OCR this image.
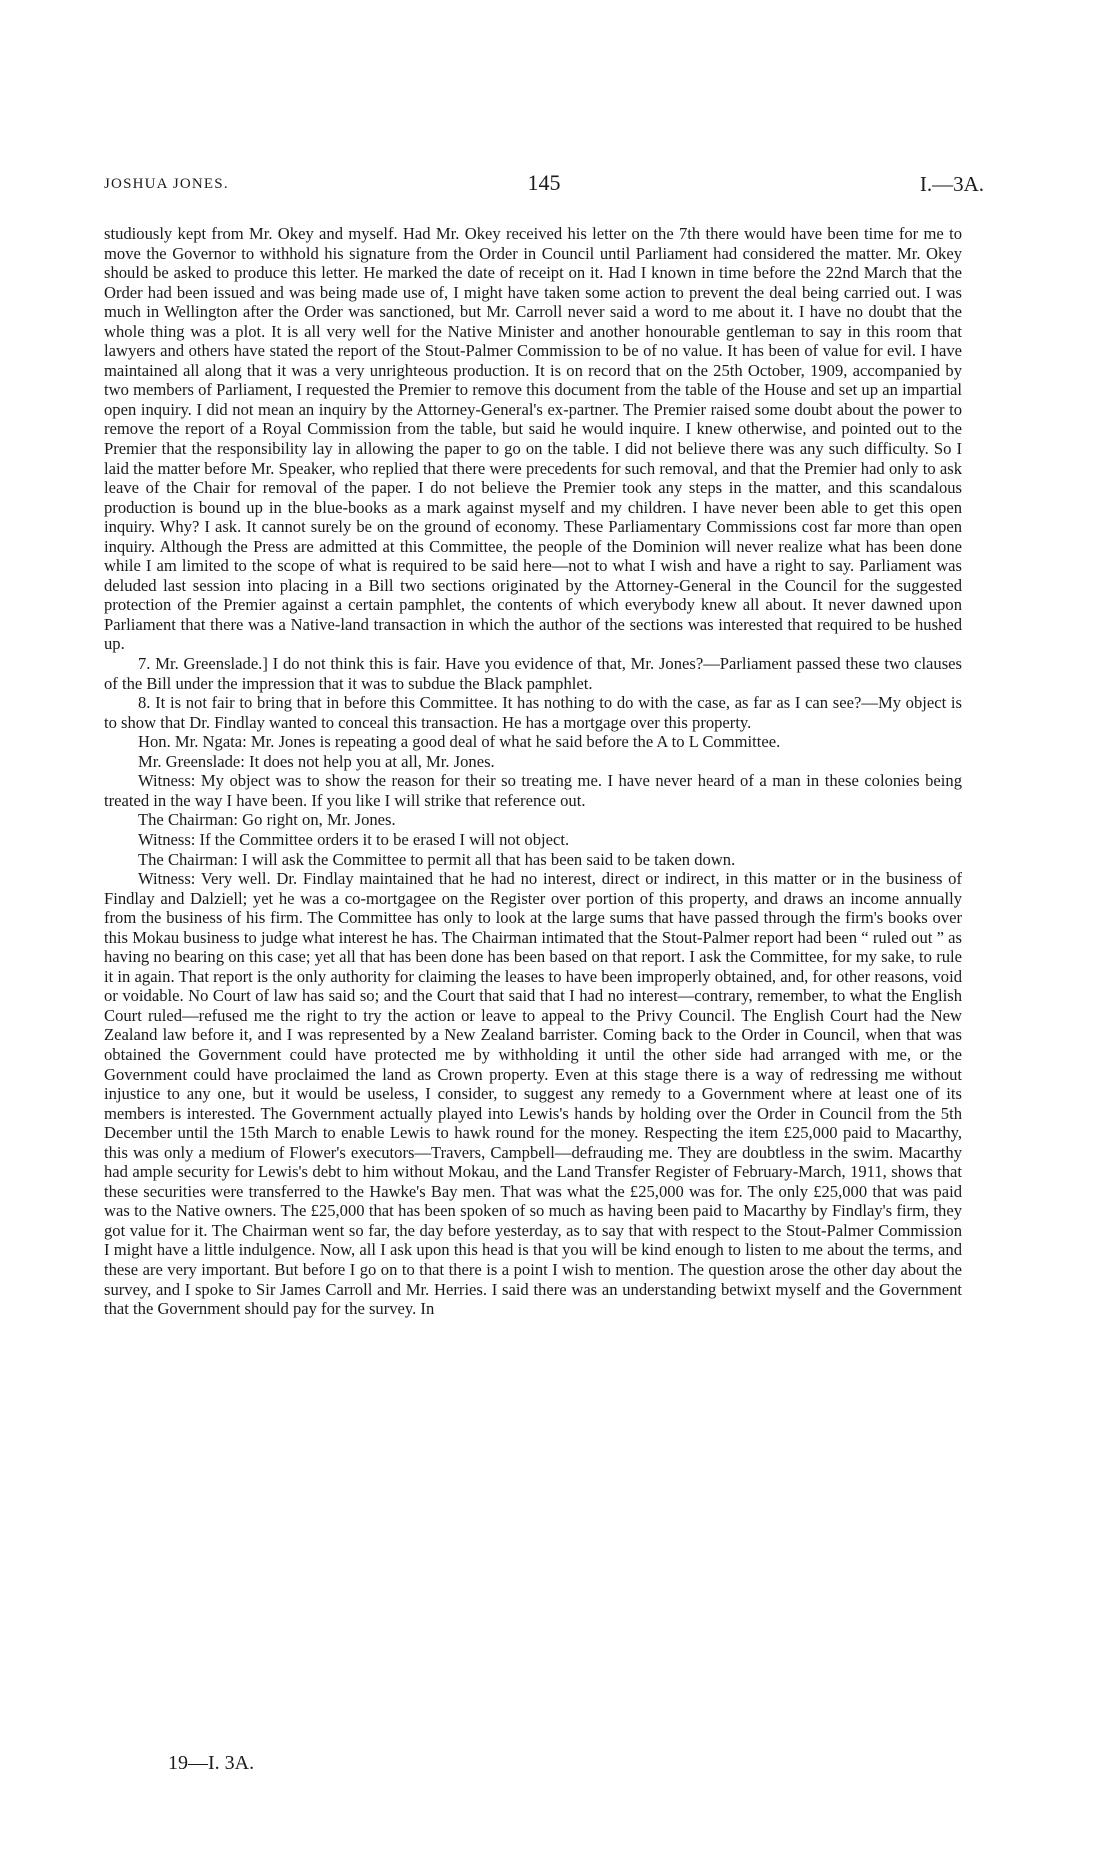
JOSHUA JONES.	145	I.—3A.

studiously kept from Mr. Okey and myself. Had Mr. Okey received his letter on the 7th there would have been time for me to move the Governor to withhold his signature from the Order in Council until Parliament had considered the matter. Mr. Okey should be asked to produce this letter. He marked the date of receipt on it. Had I known in time before the 22nd March that the Order had been issued and was being made use of, I might have taken some action to prevent the deal being carried out. I was much in Wellington after the Order was sanctioned, but Mr. Carroll never said a word to me about it. I have no doubt that the whole thing was a plot. It is all very well for the Native Minister and another honourable gentleman to say in this room that lawyers and others have stated the report of the Stout-Palmer Commission to be of no value. It has been of value for evil. I have maintained all along that it was a very unrighteous production. It is on record that on the 25th October, 1909, accompanied by two members of Parliament, I requested the Premier to remove this document from the table of the House and set up an impartial open inquiry. I did not mean an inquiry by the Attorney-General's ex-partner. The Premier raised some doubt about the power to remove the report of a Royal Commission from the table, but said he would inquire. I knew otherwise, and pointed out to the Premier that the responsibility lay in allowing the paper to go on the table. I did not believe there was any such difficulty. So I laid the matter before Mr. Speaker, who replied that there were precedents for such removal, and that the Premier had only to ask leave of the Chair for removal of the paper. I do not believe the Premier took any steps in the matter, and this scandalous production is bound up in the blue-books as a mark against myself and my children. I have never been able to get this open inquiry. Why? I ask. It cannot surely be on the ground of economy. These Parliamentary Commissions cost far more than open inquiry. Although the Press are admitted at this Committee, the people of the Dominion will never realize what has been done while I am limited to the scope of what is required to be said here—not to what I wish and have a right to say. Parliament was deluded last session into placing in a Bill two sections originated by the Attorney-General in the Council for the suggested protection of the Premier against a certain pamphlet, the contents of which everybody knew all about. It never dawned upon Parliament that there was a Native-land transaction in which the author of the sections was interested that required to be hushed up.

7. Mr. Greenslade.] I do not think this is fair. Have you evidence of that, Mr. Jones?—Parliament passed these two clauses of the Bill under the impression that it was to subdue the Black pamphlet.

8. It is not fair to bring that in before this Committee. It has nothing to do with the case, as far as I can see?—My object is to show that Dr. Findlay wanted to conceal this transaction. He has a mortgage over this property.

Hon. Mr. Ngata: Mr. Jones is repeating a good deal of what he said before the A to L Committee.

Mr. Greenslade: It does not help you at all, Mr. Jones.

Witness: My object was to show the reason for their so treating me. I have never heard of a man in these colonies being treated in the way I have been. If you like I will strike that reference out.

The Chairman: Go right on, Mr. Jones.

Witness: If the Committee orders it to be erased I will not object.

The Chairman: I will ask the Committee to permit all that has been said to be taken down.

Witness: Very well. Dr. Findlay maintained that he had no interest, direct or indirect, in this matter or in the business of Findlay and Dalziell; yet he was a co-mortgagee on the Register over portion of this property, and draws an income annually from the business of his firm. The Committee has only to look at the large sums that have passed through the firm's books over this Mokau business to judge what interest he has. The Chairman intimated that the Stout-Palmer report had been “ ruled out ” as having no bearing on this case; yet all that has been done has been based on that report. I ask the Committee, for my sake, to rule it in again. That report is the only authority for claiming the leases to have been improperly obtained, and, for other reasons, void or voidable. No Court of law has said so; and the Court that said that I had no interest—contrary, remember, to what the English Court ruled—refused me the right to try the action or leave to appeal to the Privy Council. The English Court had the New Zealand law before it, and I was represented by a New Zealand barrister. Coming back to the Order in Council, when that was obtained the Government could have protected me by withholding it until the other side had arranged with me, or the Government could have proclaimed the land as Crown property. Even at this stage there is a way of redressing me without injustice to any one, but it would be useless, I consider, to suggest any remedy to a Government where at least one of its members is interested. The Government actually played into Lewis's hands by holding over the Order in Council from the 5th December until the 15th March to enable Lewis to hawk round for the money. Respecting the item £25,000 paid to Macarthy, this was only a medium of Flower's executors—Travers, Campbell—defrauding me. They are doubtless in the swim. Macarthy had ample security for Lewis's debt to him without Mokau, and the Land Transfer Register of February-March, 1911, shows that these securities were transferred to the Hawke's Bay men. That was what the £25,000 was for. The only £25,000 that was paid was to the Native owners. The £25,000 that has been spoken of so much as having been paid to Macarthy by Findlay's firm, they got value for it. The Chairman went so far, the day before yesterday, as to say that with respect to the Stout-Palmer Commission I might have a little indulgence. Now, all I ask upon this head is that you will be kind enough to listen to me about the terms, and these are very important. But before I go on to that there is a point I wish to mention. The question arose the other day about the survey, and I spoke to Sir James Carroll and Mr. Herries. I said there was an understanding betwixt myself and the Government that the Government should pay for the survey. In

19—I. 3A.
